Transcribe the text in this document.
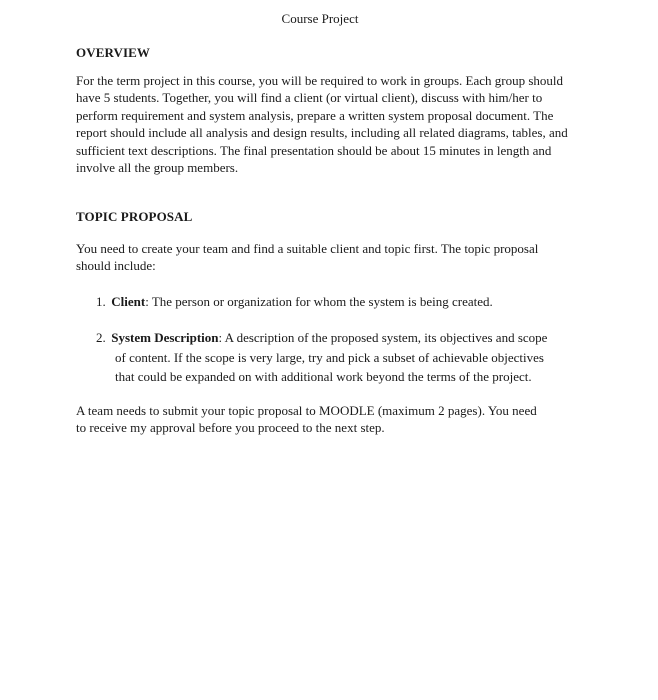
Course Project
OVERVIEW
For the term project in this course, you will be required to work in groups. Each group should have 5 students. Together, you will find a client (or virtual client), discuss with him/her to perform requirement and system analysis, prepare a written system proposal document. The report should include all analysis and design results, including all related diagrams, tables, and sufficient text descriptions. The final presentation should be about 15 minutes in length and involve all the group members.
TOPIC PROPOSAL
You need to create your team and find a suitable client and topic first. The topic proposal should include:
1. Client: The person or organization for whom the system is being created.
2. System Description: A description of the proposed system, its objectives and scope
of content. If the scope is very large, try and pick a subset of achievable objectives that could be expanded on with additional work beyond the terms of the project.
A team needs to submit your topic proposal to MOODLE (maximum 2 pages). You need to receive my approval before you proceed to the next step.
